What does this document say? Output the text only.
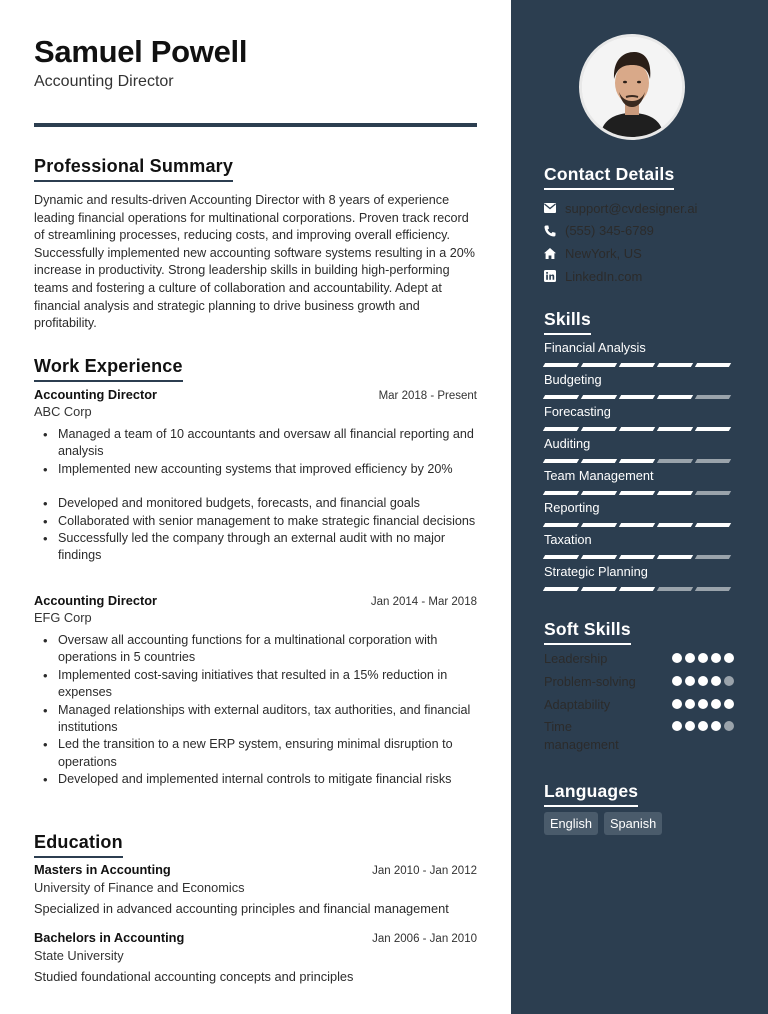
Samuel Powell
Accounting Director
Professional Summary
Dynamic and results-driven Accounting Director with 8 years of experience leading financial operations for multinational corporations. Proven track record of streamlining processes, reducing costs, and improving overall efficiency. Successfully implemented new accounting software systems resulting in a 20% increase in productivity. Strong leadership skills in building high-performing teams and fostering a culture of collaboration and accountability. Adept at financial analysis and strategic planning to drive business growth and profitability.
Work Experience
Accounting Director	Mar 2018 - Present
ABC Corp
• Managed a team of 10 accountants and oversaw all financial reporting and analysis
• Implemented new accounting systems that improved efficiency by 20%
• Developed and monitored budgets, forecasts, and financial goals
• Collaborated with senior management to make strategic financial decisions
• Successfully led the company through an external audit with no major findings
Accounting Director	Jan 2014 - Mar 2018
EFG Corp
• Oversaw all accounting functions for a multinational corporation with operations in 5 countries
• Implemented cost-saving initiatives that resulted in a 15% reduction in expenses
• Managed relationships with external auditors, tax authorities, and financial institutions
• Led the transition to a new ERP system, ensuring minimal disruption to operations
• Developed and implemented internal controls to mitigate financial risks
Education
Masters in Accounting	Jan 2010 - Jan 2012
University of Finance and Economics
Specialized in advanced accounting principles and financial management
Bachelors in Accounting	Jan 2006 - Jan 2010
State University
Studied foundational accounting concepts and principles
Contact Details
support@cvdesigner.ai
(555) 345-6789
NewYork, US
LinkedIn.com
Skills
Financial Analysis
Budgeting
Forecasting
Auditing
Team Management
Reporting
Taxation
Strategic Planning
Soft Skills
Leadership
Problem-solving
Adaptability
Time management
Languages
English	Spanish
